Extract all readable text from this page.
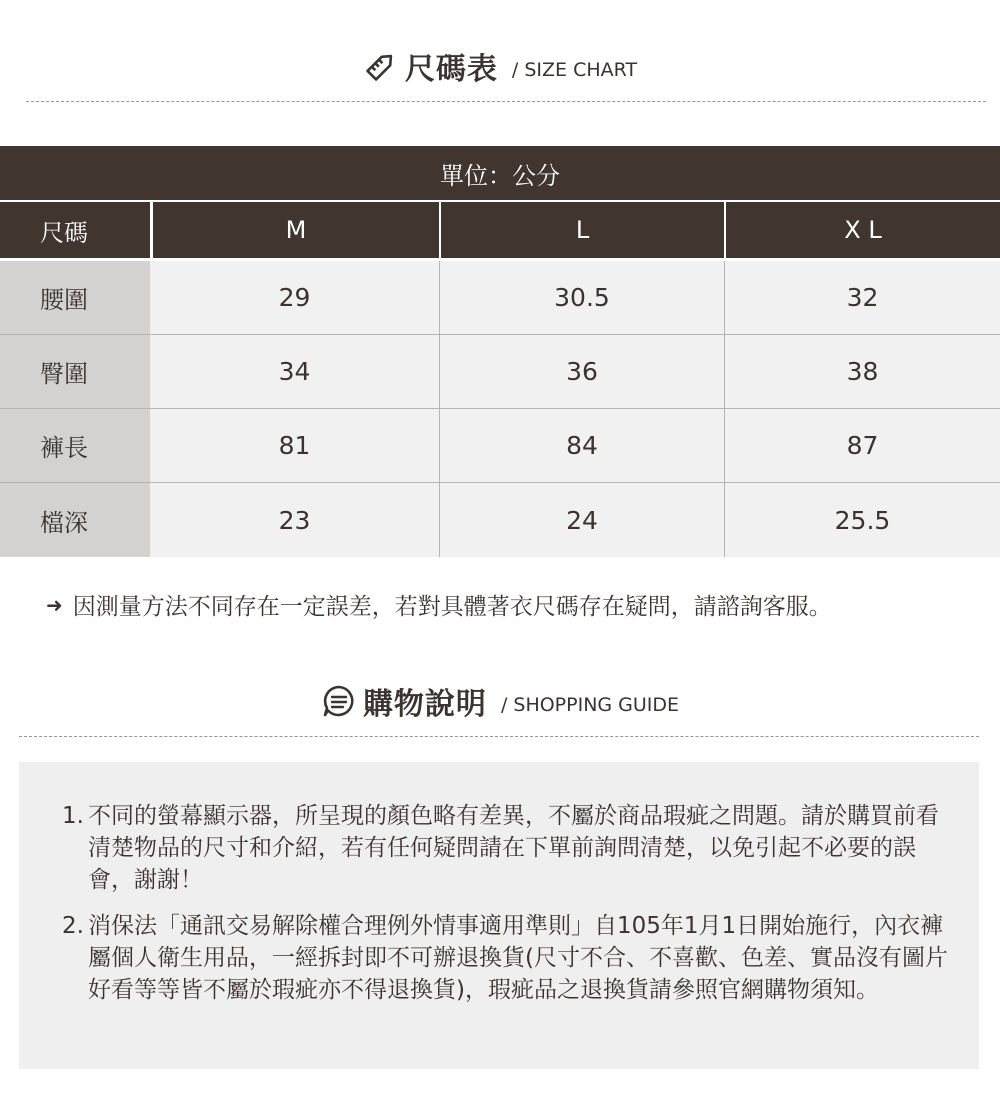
尺碼表 / SIZE CHART
單位：公分
尺碼	M	L	X L
腰圍	29	30.5	32
臀圍	34	36	38
褲長	81	84	87
檔深	23	24	25.5
➜ 因測量方法不同存在一定誤差，若對具體著衣尺碼存在疑問，請諮詢客服。
購物說明 / SHOPPING GUIDE
1. 不同的螢幕顯示器，所呈現的顏色略有差異，不屬於商品瑕疵之問題。請於購買前看清楚物品的尺寸和介紹，若有任何疑問請在下單前詢問清楚，以免引起不必要的誤會，謝謝！
2. 消保法「通訊交易解除權合理例外情事適用準則」自105年1月1日開始施行，內衣褲屬個人衛生用品，一經拆封即不可辦退換貨(尺寸不合、不喜歡、色差、實品沒有圖片好看等等皆不屬於瑕疵亦不得退換貨)，瑕疵品之退換貨請參照官網購物須知。
